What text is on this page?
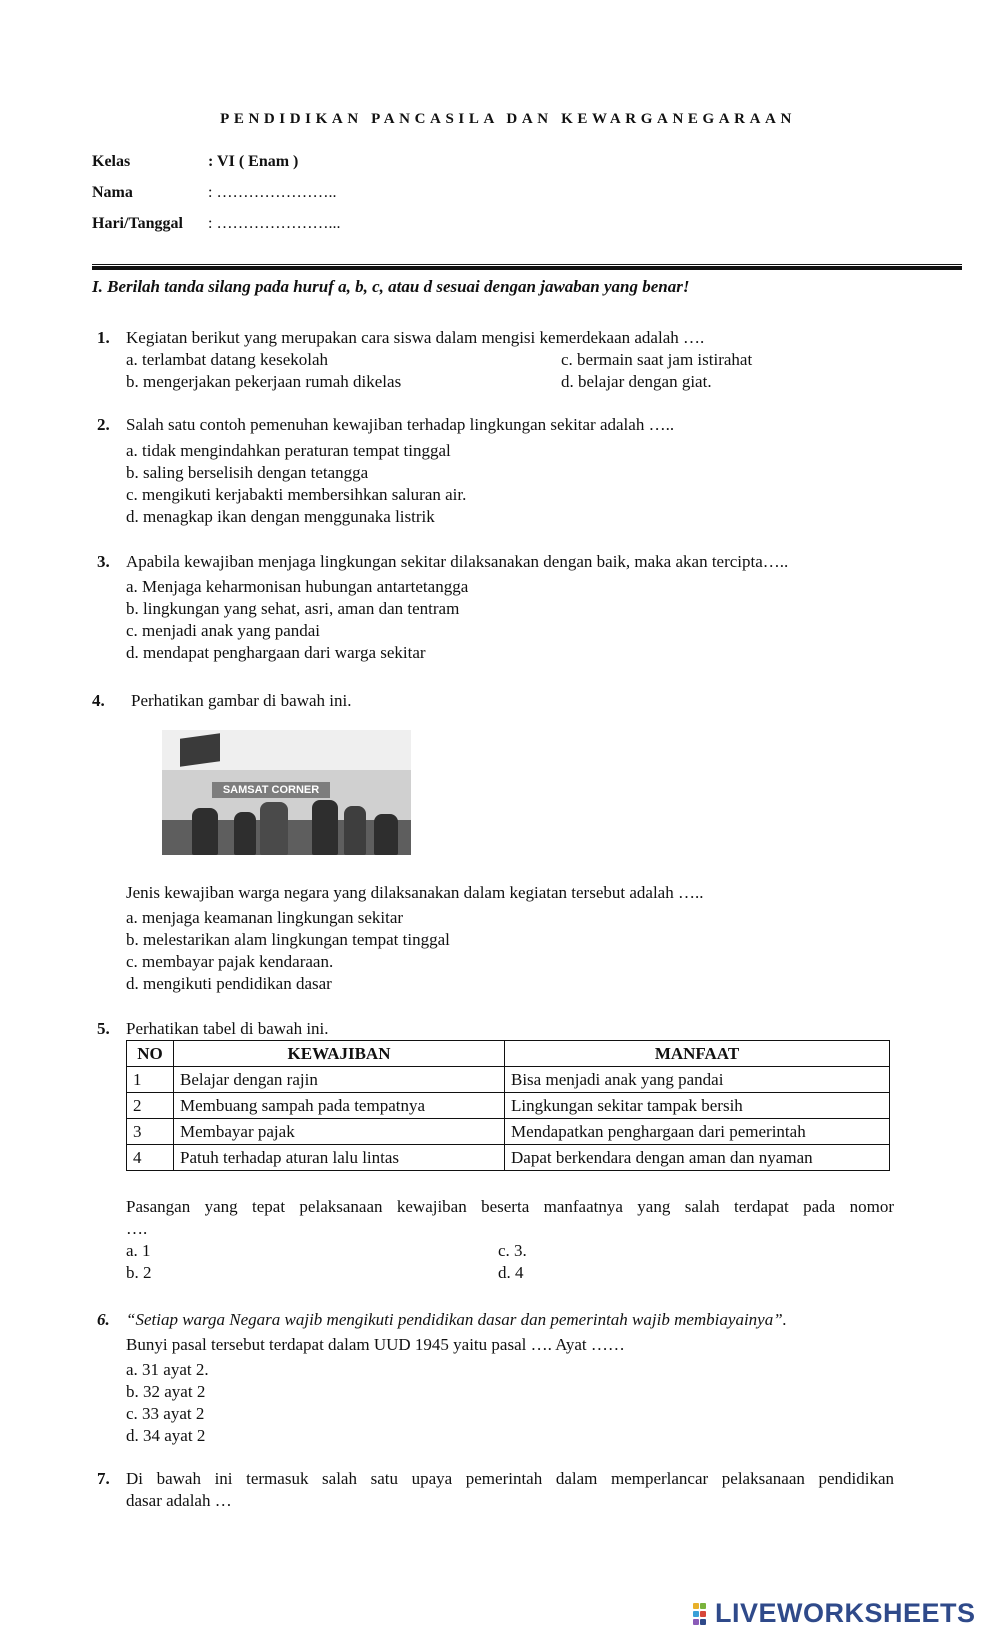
PENDIDIKAN PANCASILA DAN KEWARGANEGARAAN
Kelas	: VI ( Enam )
Nama	: …………………..
Hari/Tanggal : …………………...
I. Berilah tanda silang pada huruf a, b, c, atau d sesuai dengan jawaban yang benar!
1. Kegiatan berikut yang merupakan cara siswa dalam mengisi kemerdekaan adalah ….
a. terlambat datang kesekolah	c. bermain saat jam istirahat
b. mengerjakan pekerjaan rumah dikelas	d. belajar dengan giat.
2. Salah satu contoh pemenuhan kewajiban terhadap lingkungan sekitar adalah …..
a. tidak mengindahkan peraturan tempat tinggal
b. saling berselisih dengan tetangga
c. mengikuti kerjabakti membersihkan saluran air.
d. menagkap ikan dengan menggunaka listrik
3. Apabila kewajiban menjaga lingkungan sekitar dilaksanakan dengan baik, maka akan tercipta…..
a. Menjaga keharmonisan hubungan antartetangga
b. lingkungan yang sehat, asri, aman dan tentram
c. menjadi anak yang pandai
d. mendapat penghargaan dari warga sekitar
4. Perhatikan gambar di bawah ini.
SAMSAT CORNER
Jenis kewajiban warga negara yang dilaksanakan dalam kegiatan tersebut adalah …..
a. menjaga keamanan lingkungan sekitar
b. melestarikan alam lingkungan tempat tinggal
c. membayar pajak kendaraan.
d. mengikuti pendidikan dasar
5. Perhatikan tabel di bawah ini.
NO	KEWAJIBAN	MANFAAT
1	Belajar dengan rajin	Bisa menjadi anak yang pandai
2	Membuang sampah pada tempatnya	Lingkungan sekitar tampak bersih
3	Membayar pajak	Mendapatkan penghargaan dari pemerintah
4	Patuh terhadap aturan lalu lintas	Dapat berkendara dengan aman dan nyaman
Pasangan yang tepat pelaksanaan kewajiban beserta manfaatnya yang salah terdapat pada nomor
….
a. 1	c. 3.
b. 2	d. 4
6. “Setiap warga Negara wajib mengikuti pendidikan dasar dan pemerintah wajib membiayainya”.
Bunyi pasal tersebut terdapat dalam UUD 1945 yaitu pasal …. Ayat ……
a. 31 ayat 2.
b. 32 ayat 2
c. 33 ayat 2
d. 34 ayat 2
7. Di bawah ini termasuk salah satu upaya pemerintah dalam memperlancar pelaksanaan pendidikan
dasar adalah …
LIVEWORKSHEETS
